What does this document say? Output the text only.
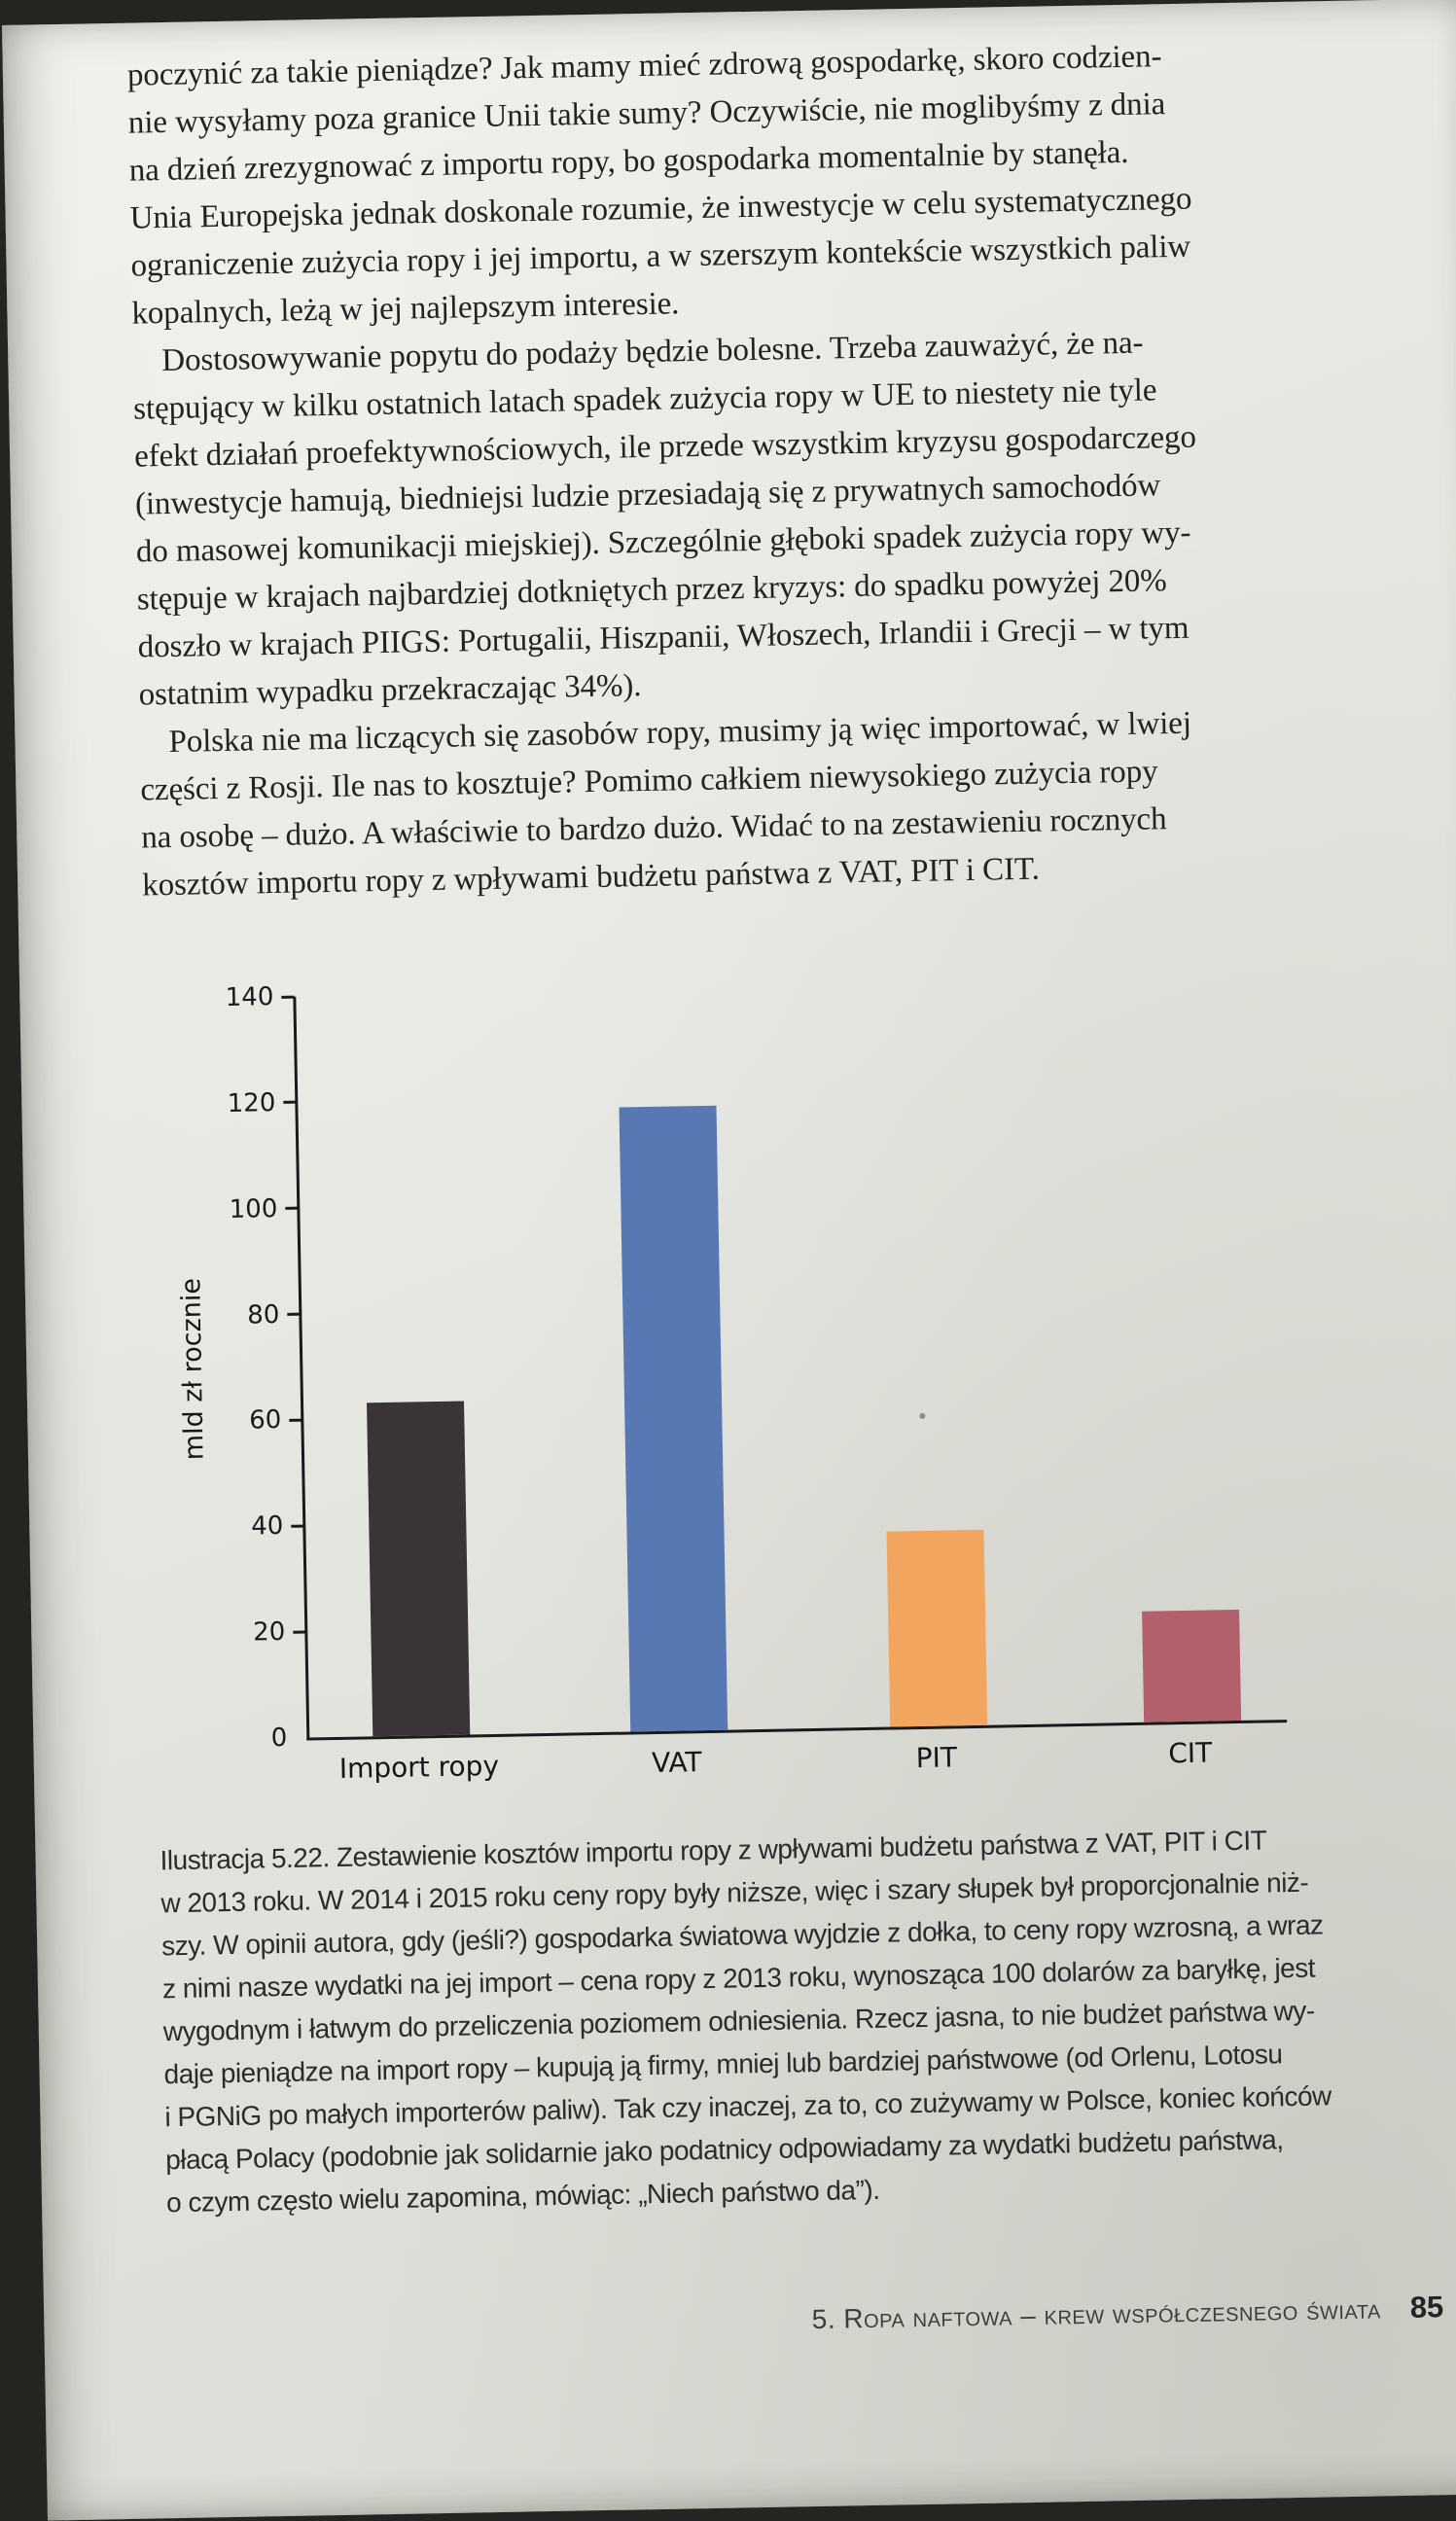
poczynić za takie pieniądze? Jak mamy mieć zdrową gospodarkę, skoro codzien-
nie wysyłamy poza granice Unii takie sumy? Oczywiście, nie moglibyśmy z dnia
na dzień zrezygnować z importu ropy, bo gospodarka momentalnie by stanęła.
Unia Europejska jednak doskonale rozumie, że inwestycje w celu systematycznego
ograniczenie zużycia ropy i jej importu, a w szerszym kontekście wszystkich paliw
kopalnych, leżą w jej najlepszym interesie.
Dostosowywanie popytu do podaży będzie bolesne. Trzeba zauważyć, że na-
stępujący w kilku ostatnich latach spadek zużycia ropy w UE to niestety nie tyle
efekt działań proefektywnościowych, ile przede wszystkim kryzysu gospodarczego
(inwestycje hamują, biedniejsi ludzie przesiadają się z prywatnych samochodów
do masowej komunikacji miejskiej). Szczególnie głęboki spadek zużycia ropy wy-
stępuje w krajach najbardziej dotkniętych przez kryzys: do spadku powyżej 20%
doszło w krajach PIIGS: Portugalii, Hiszpanii, Włoszech, Irlandii i Grecji – w tym
ostatnim wypadku przekraczając 34%).
Polska nie ma liczących się zasobów ropy, musimy ją więc importować, w lwiej
części z Rosji. Ile nas to kosztuje? Pomimo całkiem niewysokiego zużycia ropy
na osobę – dużo. A właściwie to bardzo dużo. Widać to na zestawieniu rocznych
kosztów importu ropy z wpływami budżetu państwa z VAT, PIT i CIT.
mld zł rocznie
0
20
40
60
80
100
120
140
Import ropy	VAT	PIT	CIT
Ilustracja 5.22. Zestawienie kosztów importu ropy z wpływami budżetu państwa z VAT, PIT i CIT
w 2013 roku. W 2014 i 2015 roku ceny ropy były niższe, więc i szary słupek był proporcjonalnie niż-
szy. W opinii autora, gdy (jeśli?) gospodarka światowa wyjdzie z dołka, to ceny ropy wzrosną, a wraz
z nimi nasze wydatki na jej import – cena ropy z 2013 roku, wynosząca 100 dolarów za baryłkę, jest
wygodnym i łatwym do przeliczenia poziomem odniesienia. Rzecz jasna, to nie budżet państwa wy-
daje pieniądze na import ropy – kupują ją firmy, mniej lub bardziej państwowe (od Orlenu, Lotosu
i PGNiG po małych importerów paliw). Tak czy inaczej, za to, co zużywamy w Polsce, koniec końców
płacą Polacy (podobnie jak solidarnie jako podatnicy odpowiadamy za wydatki budżetu państwa,
o czym często wielu zapomina, mówiąc: „Niech państwo da”).
5. Ropa naftowa – krew współczesnego świata 85
